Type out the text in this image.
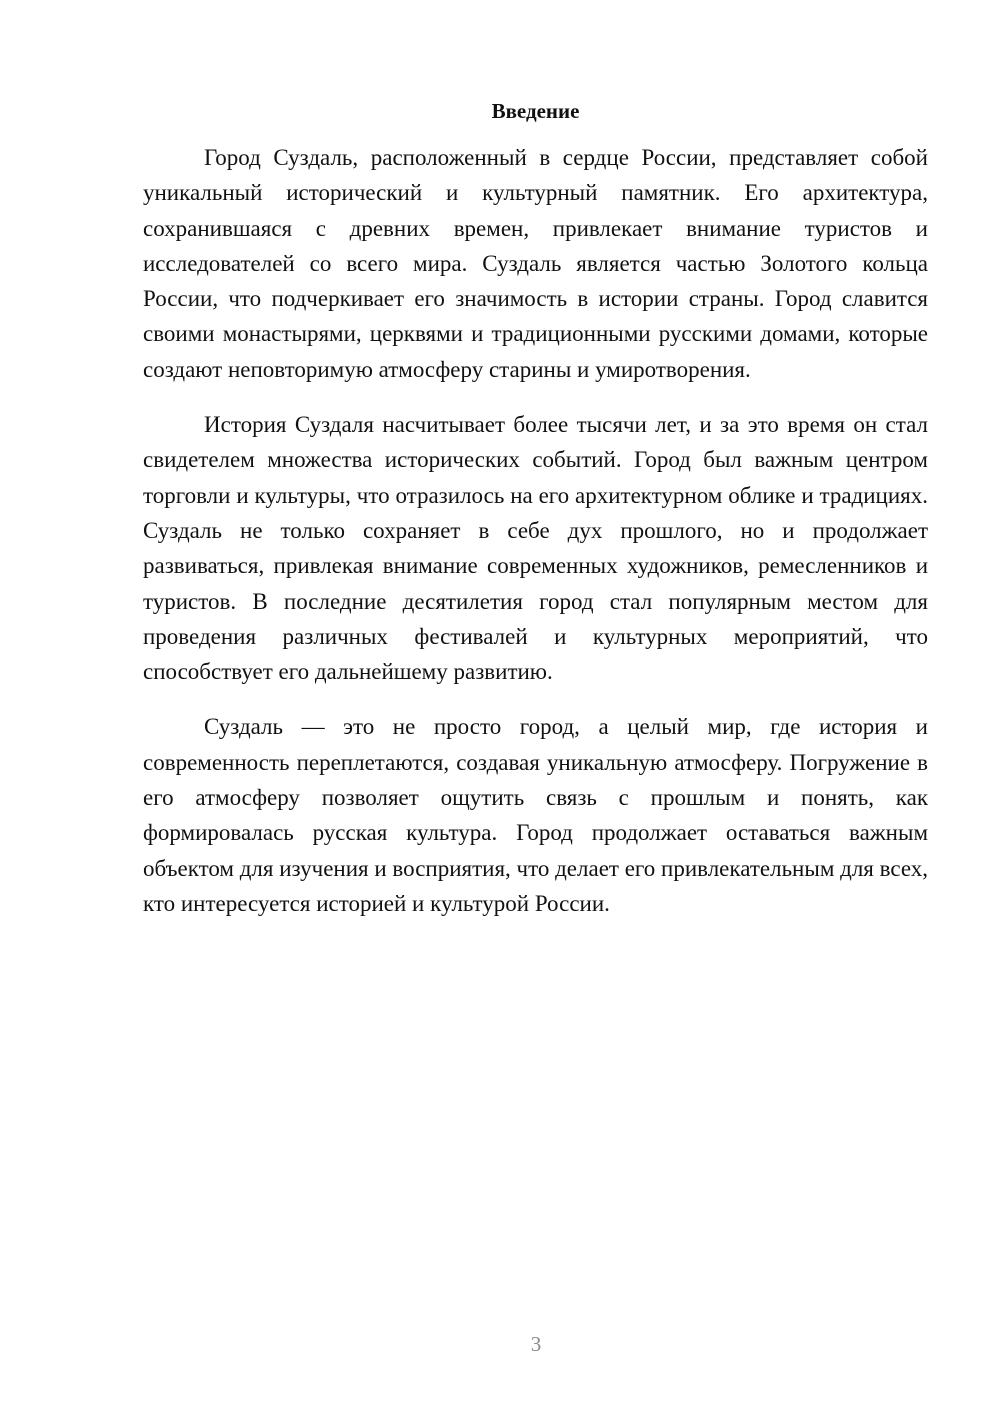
Введение

Город Суздаль, расположенный в сердце России, представляет собой уникальный исторический и культурный памятник. Его архитектура, сохранившаяся с древних времен, привлекает внимание туристов и исследователей со всего мира. Суздаль является частью Золотого кольца России, что подчеркивает его значимость в истории страны. Город славится своими монастырями, церквями и традиционными русскими домами, которые создают неповторимую атмосферу старины и умиротворения.

История Суздаля насчитывает более тысячи лет, и за это время он стал свидетелем множества исторических событий. Город был важным центром торговли и культуры, что отразилось на его архитектурном облике и традициях. Суздаль не только сохраняет в себе дух прошлого, но и продолжает развиваться, привлекая внимание современных художников, ремесленников и туристов. В последние десятилетия город стал популярным местом для проведения различных фестивалей и культурных мероприятий, что способствует его дальнейшему развитию.

Суздаль — это не просто город, а целый мир, где история и современность переплетаются, создавая уникальную атмосферу. Погружение в его атмосферу позволяет ощутить связь с прошлым и понять, как формировалась русская культура. Город продолжает оставаться важным объектом для изучения и восприятия, что делает его привлекательным для всех, кто интересуется историей и культурой России.

3
